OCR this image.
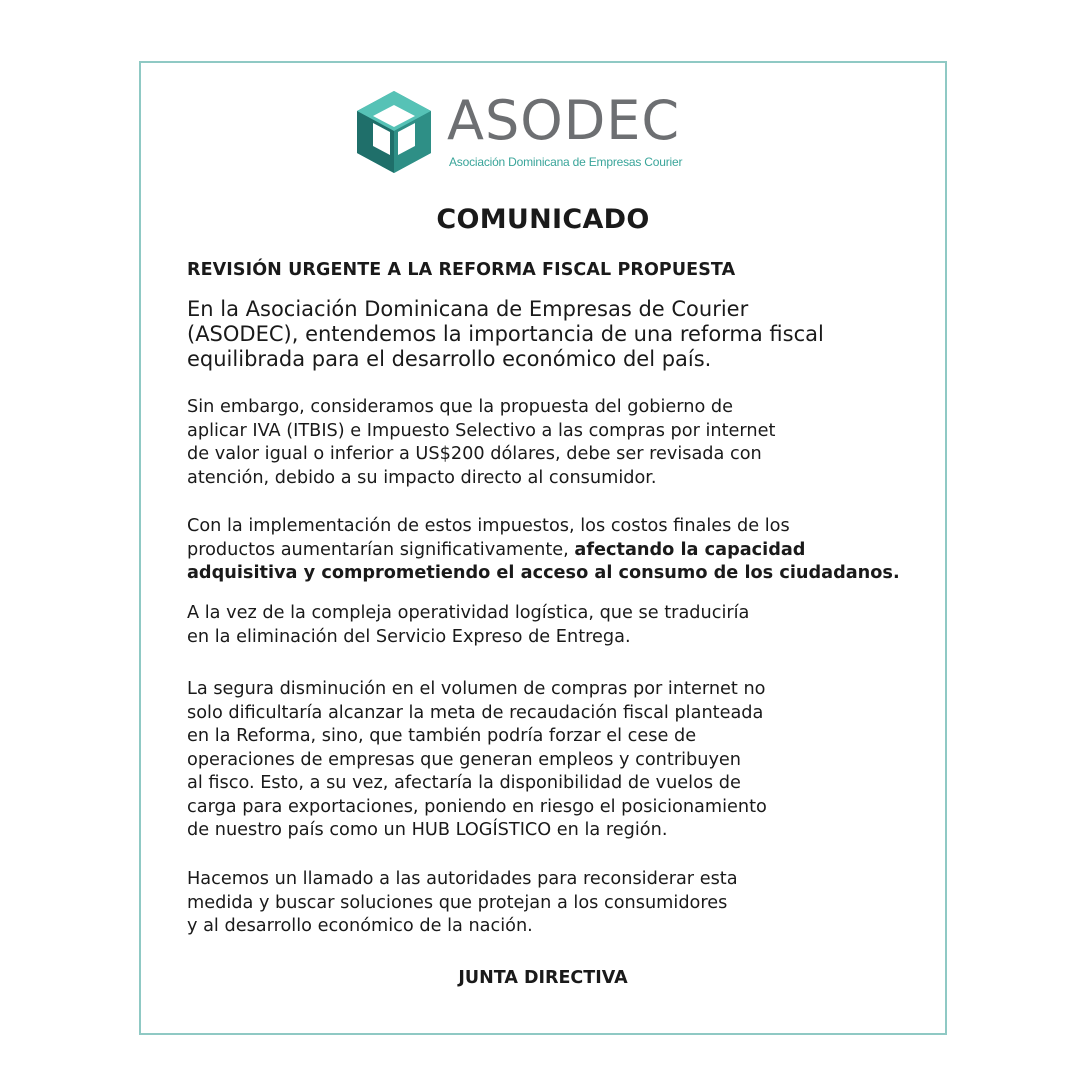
ASODEC
Asociación Dominicana de Empresas Courier
COMUNICADO
REVISIÓN URGENTE A LA REFORMA FISCAL PROPUESTA
En la Asociación Dominicana de Empresas de Courier
(ASODEC), entendemos la importancia de una reforma fiscal
equilibrada para el desarrollo económico del país.
Sin embargo, consideramos que la propuesta del gobierno de
aplicar IVA (ITBIS) e Impuesto Selectivo a las compras por internet
de valor igual o inferior a US$200 dólares, debe ser revisada con
atención, debido a su impacto directo al consumidor.
Con la implementación de estos impuestos, los costos finales de los
productos aumentarían significativamente, afectando la capacidad
adquisitiva y comprometiendo el acceso al consumo de los ciudadanos.
A la vez de la compleja operatividad logística, que se traduciría
en la eliminación del Servicio Expreso de Entrega.
La segura disminución en el volumen de compras por internet no
solo dificultaría alcanzar la meta de recaudación fiscal planteada
en la Reforma, sino, que también podría forzar el cese de
operaciones de empresas que generan empleos y contribuyen
al fisco. Esto, a su vez, afectaría la disponibilidad de vuelos de
carga para exportaciones, poniendo en riesgo el posicionamiento
de nuestro país como un HUB LOGÍSTICO en la región.
Hacemos un llamado a las autoridades para reconsiderar esta
medida y buscar soluciones que protejan a los consumidores
y al desarrollo económico de la nación.
JUNTA DIRECTIVA
